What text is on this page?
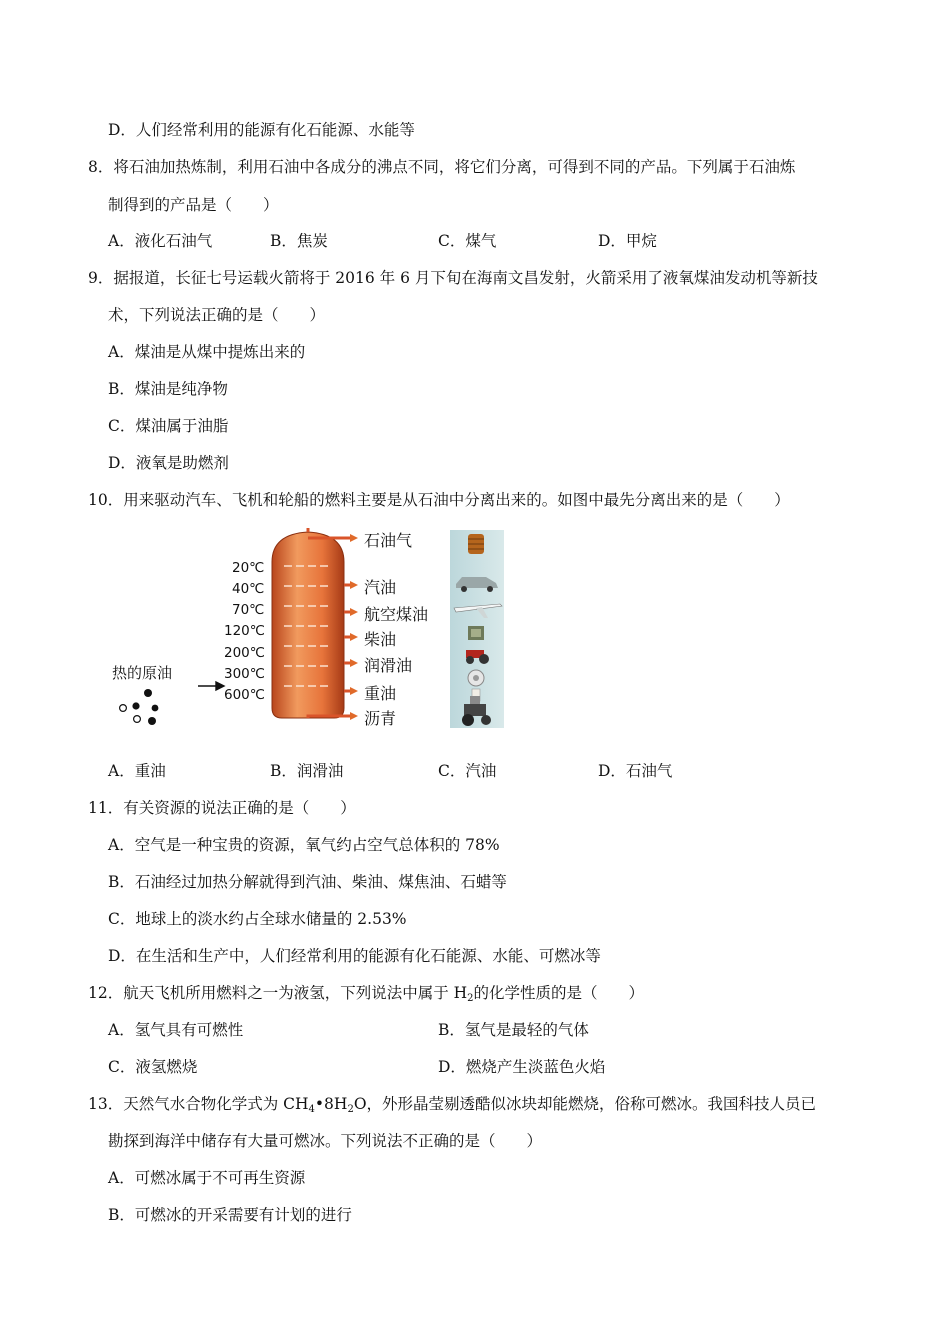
D．人们经常利用的能源有化石能源、水能等
8．将石油加热炼制，利用石油中各成分的沸点不同，将它们分离，可得到不同的产品。下列属于石油炼
制得到的产品是（　　）
A．液化石油气	B．焦炭	C．煤气	D．甲烷
9．据报道，长征七号运载火箭将于 2016 年 6 月下旬在海南文昌发射，火箭采用了液氧煤油发动机等新技
术，下列说法正确的是（　　）
A．煤油是从煤中提炼出来的
B．煤油是纯净物
C．煤油属于油脂
D．液氧是助燃剂
10．用来驱动汽车、飞机和轮船的燃料主要是从石油中分离出来的。如图中最先分离出来的是（　　）
热的原油
20℃
40℃
70℃
120℃
200℃
300℃
600℃
石油气
汽油
航空煤油
柴油
润滑油
重油
沥青
A．重油	B．润滑油	C．汽油	D．石油气
11．有关资源的说法正确的是（　　）
A．空气是一种宝贵的资源，氧气约占空气总体积的 78%
B．石油经过加热分解就得到汽油、柴油、煤焦油、石蜡等
C．地球上的淡水约占全球水储量的 2.53%
D．在生活和生产中，人们经常利用的能源有化石能源、水能、可燃冰等
12．航天飞机所用燃料之一为液氢，下列说法中属于 $H_2$的化学性质的是（　　）
A．氢气具有可燃性	B．氢气是最轻的气体
C．液氢燃烧	D．燃烧产生淡蓝色火焰
13．天然气水合物化学式为 $CH_4•8H_2O$，外形晶莹剔透酷似冰块却能燃烧，俗称可燃冰。我国科技人员已
勘探到海洋中储存有大量可燃冰。下列说法不正确的是（　　）
A．可燃冰属于不可再生资源
B．可燃冰的开采需要有计划的进行
